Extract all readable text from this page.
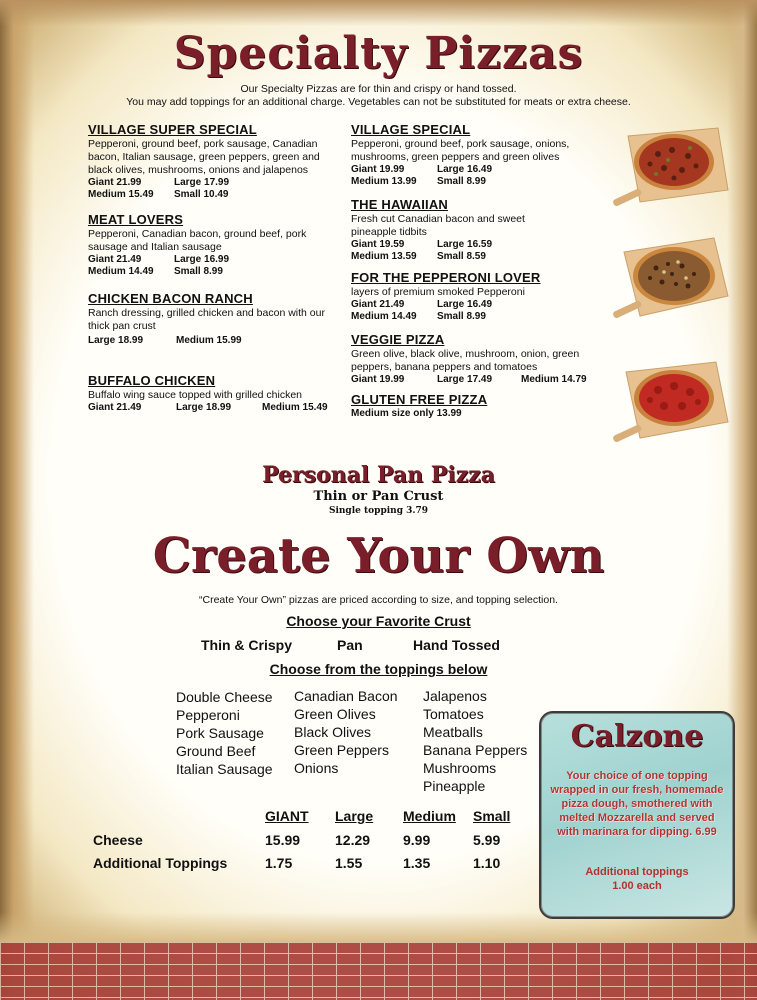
Specialty Pizzas
Our Specialty Pizzas are for thin and crispy or hand tossed.
You may add toppings for an additional charge. Vegetables can not be substituted for meats or extra cheese.
VILLAGE SUPER SPECIAL

Pepperoni, ground beef, pork sausage, Canadian bacon, Italian sausage, green peppers, green and black olives, mushrooms, onions and jalapenos

Giant 21.99	Large 17.99
Medium 15.49 Small 10.49
MEAT LOVERS

Pepperoni, Canadian bacon, ground beef, pork sausage and Italian sausage

Giant 21.49	Large 16.99
Medium 14.49 Small 8.99
CHICKEN BACON RANCH

Ranch dressing, grilled chicken and bacon with our thick pan crust

Large 18.99	Medium 15.99
BUFFALO CHICKEN

Buffalo wing sauce topped with grilled chicken

Giant 21.49	Large 18.99	Medium 15.49
VILLAGE SPECIAL

Pepperoni, ground beef, pork sausage, onions, mushrooms, green peppers and green olives

Giant 19.99	Large 16.49
Medium 13.99 Small 8.99
THE HAWAIIAN

Fresh cut Canadian bacon and sweet pineapple tidbits

Giant 19.59	Large 16.59
Medium 13.59 Small 8.59
FOR THE PEPPERONI LOVER

layers of premium smoked Pepperoni

Giant 21.49	Large 16.49
Medium 14.49 Small 8.99
VEGGIE PIZZA

Green olive, black olive, mushroom, onion, green peppers, banana peppers and tomatoes

Giant 19.99	Large 17.49	Medium 14.79
GLUTEN FREE PIZZA
Medium size only 13.99
Personal Pan Pizza
Thin or Pan Crust
Single topping 3.79
Create Your Own
“Create Your Own” pizzas are priced according to size, and topping selection.
Choose your Favorite Crust
Thin & Crispy	Pan	Hand Tossed
Choose from the toppings below
Double Cheese
Pepperoni
Pork Sausage
Ground Beef
Italian Sausage
Canadian Bacon
Green Olives
Black Olives
Green Peppers
Onions
Jalapenos
Tomatoes
Meatballs
Banana Peppers
Mushrooms
Pineapple
GIANT Large Medium Small
Cheese	15.99 12.29 9.99	5.99
Additional Toppings	1.75	1.55	1.35	1.10
Calzone
Your choice of one topping wrapped in our fresh, homemade pizza dough, smothered with melted Mozzarella and served with marinara for dipping. 6.99
Additional toppings
1.00 each
